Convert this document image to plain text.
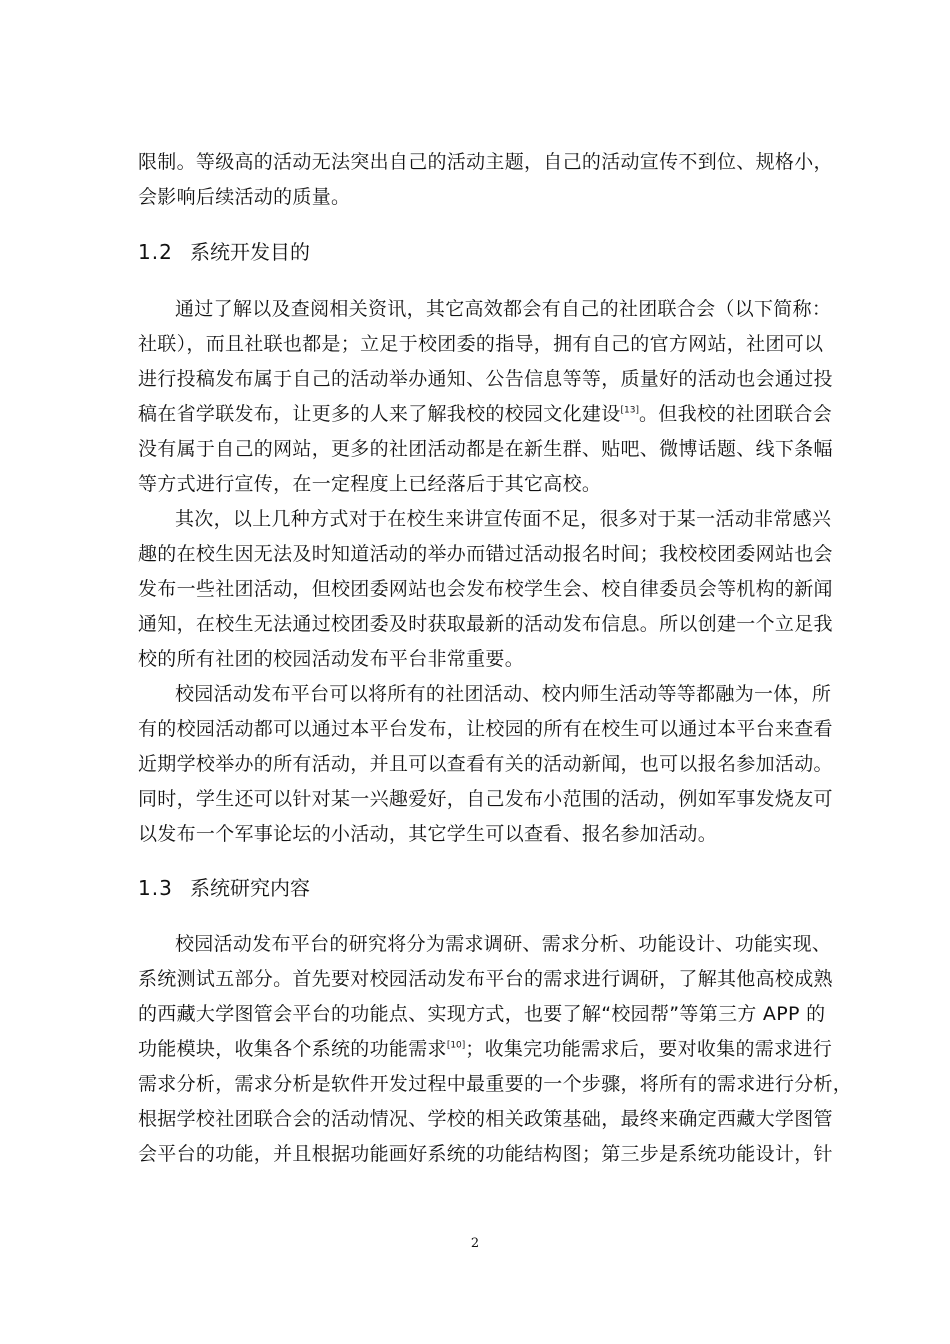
限制。等级高的活动无法突出自己的活动主题，自己的活动宣传不到位、规格小，
会影响后续活动的质量。
1.2 系统开发目的
通过了解以及查阅相关资讯，其它高效都会有自己的社团联合会（以下简称：
社联），而且社联也都是；立足于校团委的指导，拥有自己的官方网站，社团可以
进行投稿发布属于自己的活动举办通知、公告信息等等，质量好的活动也会通过投
稿在省学联发布，让更多的人来了解我校的校园文化建设[13]。但我校的社团联合会
没有属于自己的网站，更多的社团活动都是在新生群、贴吧、微博话题、线下条幅
等方式进行宣传，在一定程度上已经落后于其它高校。
其次，以上几种方式对于在校生来讲宣传面不足，很多对于某一活动非常感兴
趣的在校生因无法及时知道活动的举办而错过活动报名时间；我校校团委网站也会
发布一些社团活动，但校团委网站也会发布校学生会、校自律委员会等机构的新闻
通知，在校生无法通过校团委及时获取最新的活动发布信息。所以创建一个立足我
校的所有社团的校园活动发布平台非常重要。
校园活动发布平台可以将所有的社团活动、校内师生活动等等都融为一体，所
有的校园活动都可以通过本平台发布，让校园的所有在校生可以通过本平台来查看
近期学校举办的所有活动，并且可以查看有关的活动新闻，也可以报名参加活动。
同时，学生还可以针对某一兴趣爱好，自己发布小范围的活动，例如军事发烧友可
以发布一个军事论坛的小活动，其它学生可以查看、报名参加活动。
1.3 系统研究内容
校园活动发布平台的研究将分为需求调研、需求分析、功能设计、功能实现、
系统测试五部分。首先要对校园活动发布平台的需求进行调研，了解其他高校成熟
的西藏大学图管会平台的功能点、实现方式，也要了解“校园帮”等第三方 APP 的
功能模块，收集各个系统的功能需求[10]；收集完功能需求后，要对收集的需求进行
需求分析，需求分析是软件开发过程中最重要的一个步骤，将所有的需求进行分析，
根据学校社团联合会的活动情况、学校的相关政策基础，最终来确定西藏大学图管
会平台的功能，并且根据功能画好系统的功能结构图；第三步是系统功能设计，针
2
